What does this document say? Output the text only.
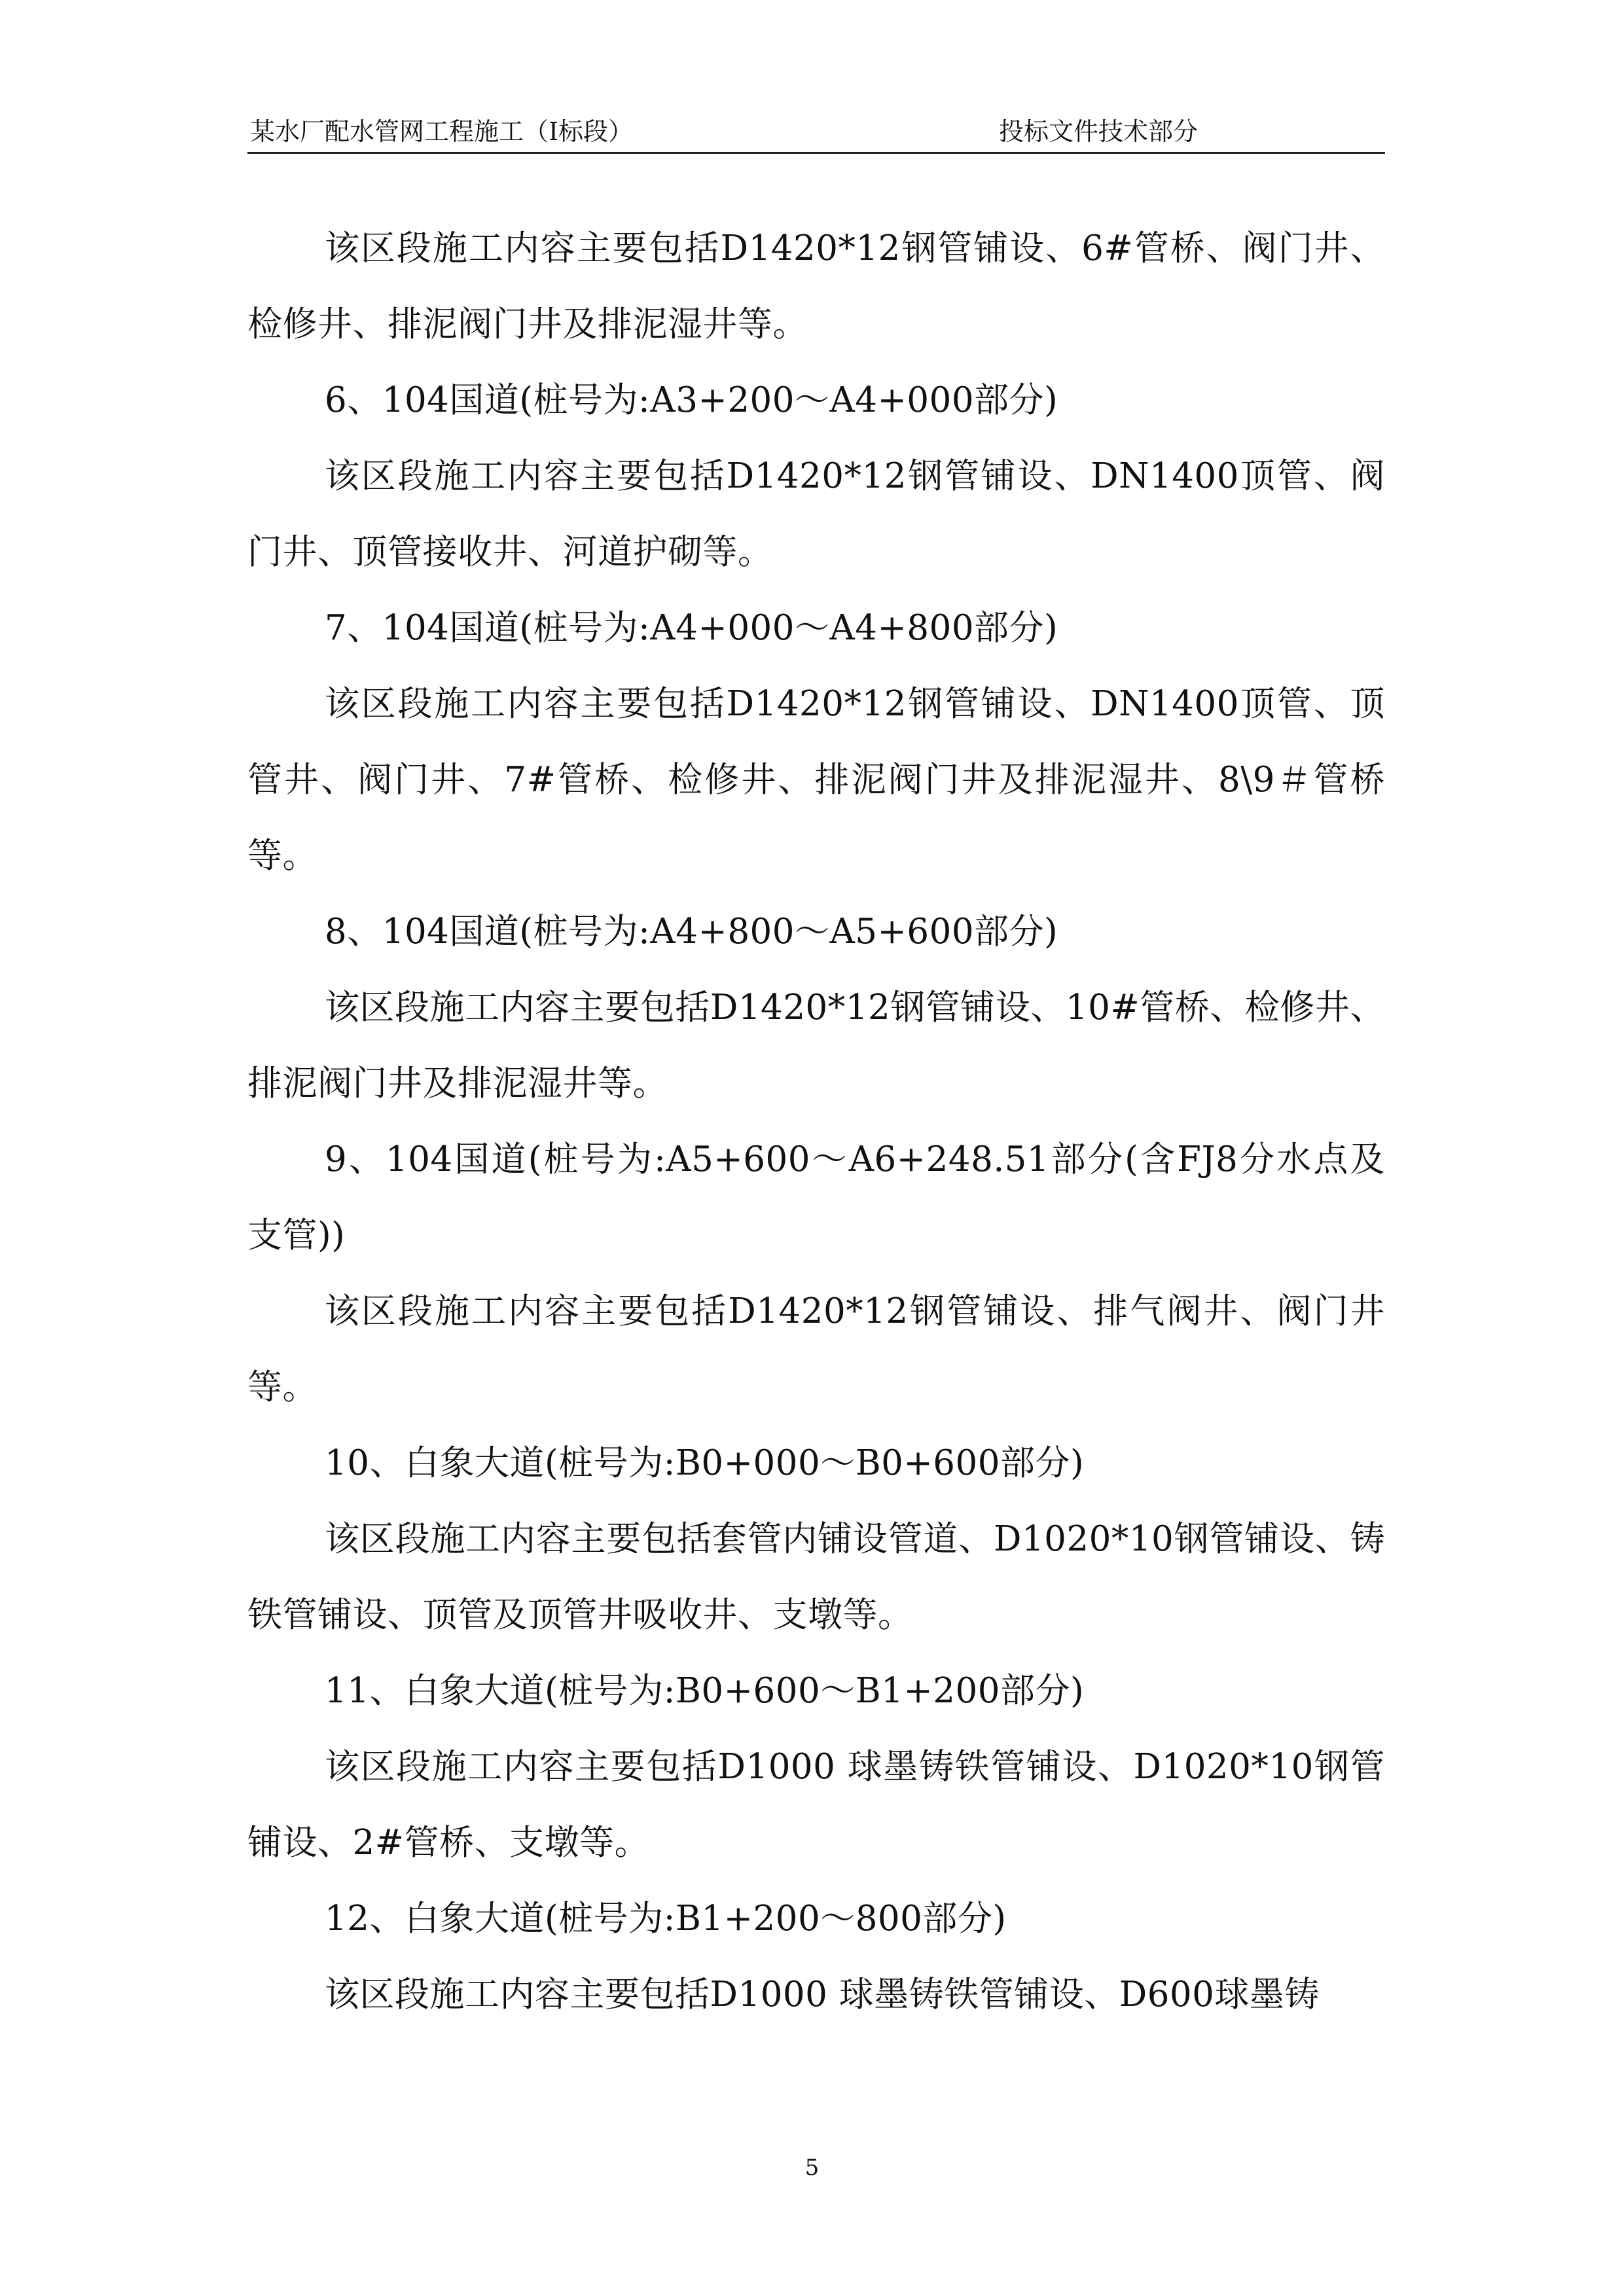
某水厂配水管网工程施工（Ⅰ标段）	投标文件技术部分

该区段施工内容主要包括D1420*12钢管铺设、6#管桥、阀门井、检修井、排泥阀门井及排泥湿井等。

6、104国道(桩号为:A3+200～A4+000部分)

该区段施工内容主要包括D1420*12钢管铺设、DN1400顶管、阀门井、顶管接收井、河道护砌等。

7、104国道(桩号为:A4+000～A4+800部分)

该区段施工内容主要包括D1420*12钢管铺设、DN1400顶管、顶管井、阀门井、7#管桥、检修井、排泥阀门井及排泥湿井、8\9＃管桥等。

8、104国道(桩号为:A4+800～A5+600部分)

该区段施工内容主要包括D1420*12钢管铺设、10#管桥、检修井、排泥阀门井及排泥湿井等。

9、104国道(桩号为:A5+600～A6+248.51部分(含FJ8分水点及支管))

该区段施工内容主要包括D1420*12钢管铺设、排气阀井、阀门井等。

10、白象大道(桩号为:B0+000～B0+600部分)

该区段施工内容主要包括套管内铺设管道、D1020*10钢管铺设、铸铁管铺设、顶管及顶管井吸收井、支墩等。

11、白象大道(桩号为:B0+600～B1+200部分)

该区段施工内容主要包括D1000 球墨铸铁管铺设、D1020*10钢管铺设、2#管桥、支墩等。

12、白象大道(桩号为:B1+200～800部分)

该区段施工内容主要包括D1000 球墨铸铁管铺设、D600球墨铸

5
